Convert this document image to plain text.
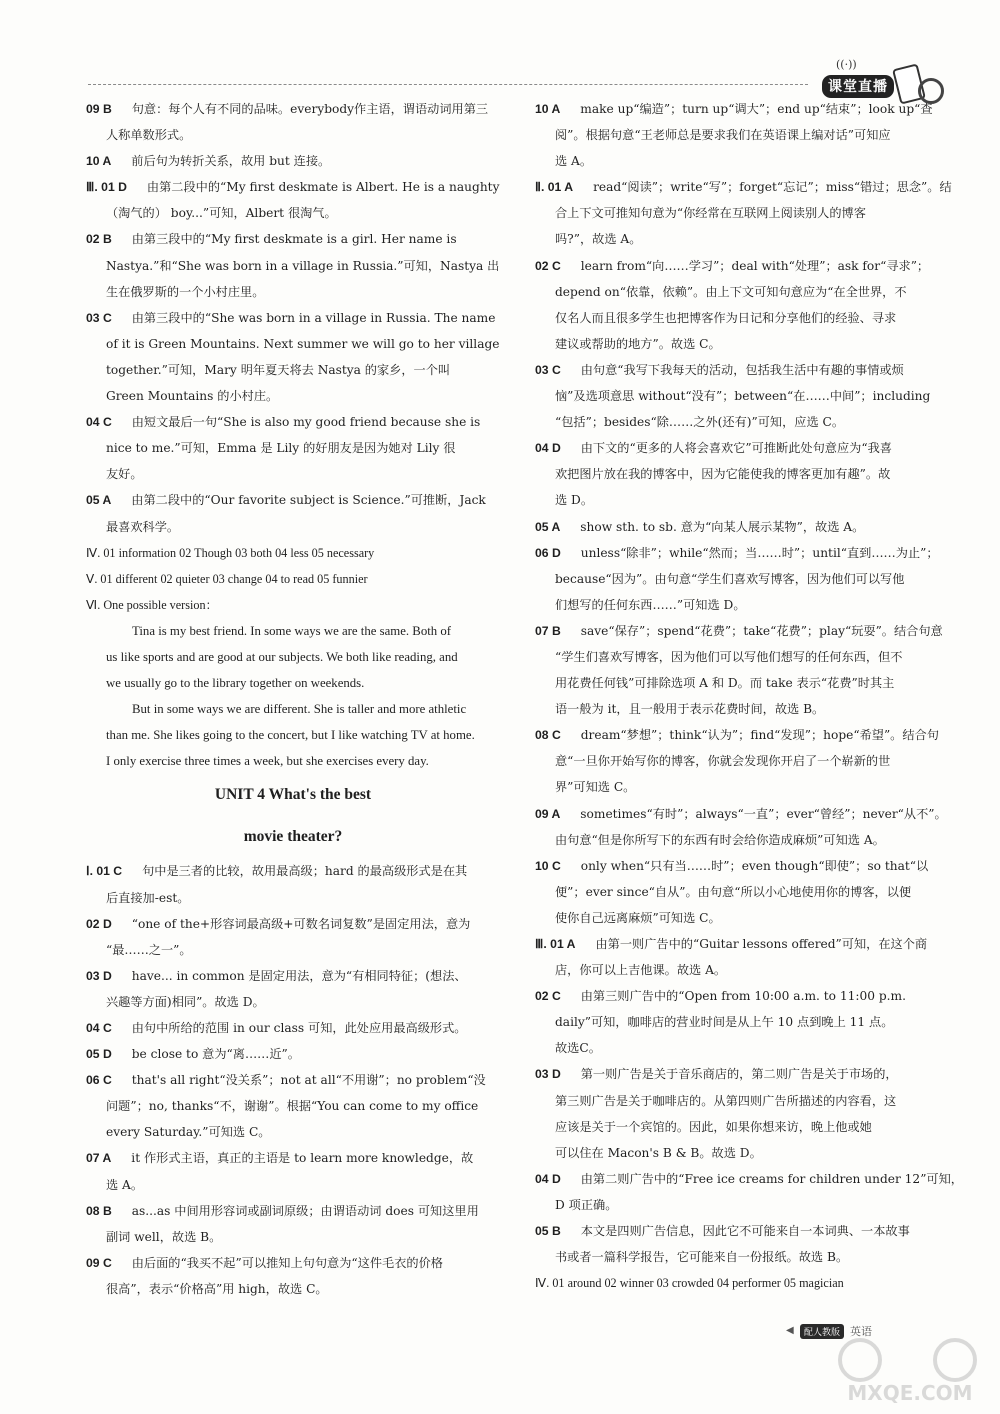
((·))
课堂直播
09 B 句意：每个人有不同的品味。everybody作主语，谓语动词用第三
人称单数形式。
10 A 前后句为转折关系，故用 but 连接。
Ⅲ. 01 D 由第二段中的“My first deskmate is Albert. He is a naughty
（淘气的） boy...”可知，Albert 很淘气。
02 B 由第三段中的“My first deskmate is a girl. Her name is
Nastya.”和“She was born in a village in Russia.”可知，Nastya 出
生在俄罗斯的一个小村庄里。
03 C 由第三段中的“She was born in a village in Russia. The name
of it is Green Mountains. Next summer we will go to her village
together.”可知，Mary 明年夏天将去 Nastya 的家乡，一个叫
Green Mountains 的小村庄。
04 C 由短文最后一句“She is also my good friend because she is
nice to me.”可知，Emma 是 Lily 的好朋友是因为她对 Lily 很
友好。
05 A 由第二段中的“Our favorite subject is Science.”可推断，Jack
最喜欢科学。
Ⅳ. 01 information 02 Though 03 both 04 less 05 necessary
Ⅴ. 01 different 02 quieter 03 change 04 to read 05 funnier
Ⅵ. One possible version：
Tina is my best friend. In some ways we are the same. Both of
us like sports and are good at our subjects. We both like reading, and
we usually go to the library together on weekends.
But in some ways we are different. She is taller and more athletic
than me. She likes going to the concert, but I like watching TV at home.
I only exercise three times a week, but she exercises every day.
UNIT 4 What's the best
movie theater?
Ⅰ. 01 C 句中是三者的比较，故用最高级；hard 的最高级形式是在其
后直接加-est。
02 D “one of the+形容词最高级+可数名词复数”是固定用法，意为
“最……之一”。
03 D have... in common 是固定用法，意为“有相同特征；(想法、
兴趣等方面)相同”。故选 D。
04 C 由句中所给的范围 in our class 可知，此处应用最高级形式。
05 D be close to 意为“离……近”。
06 C that's all right“没关系”；not at all“不用谢”；no problem“没
问题”；no, thanks“不，谢谢”。根据“You can come to my office
every Saturday.”可知选 C。
07 A it 作形式主语，真正的主语是 to learn more knowledge，故
选 A。
08 B as...as 中间用形容词或副词原级；由谓语动词 does 可知这里用
副词 well，故选 B。
09 C 由后面的“我买不起”可以推知上句句意为“这件毛衣的价格
很高”，表示“价格高”用 high，故选 C。
10 A make up“编造”；turn up“调大”；end up“结束”；look up“查
阅”。根据句意“王老师总是要求我们在英语课上编对话”可知应
选 A。
Ⅱ. 01 A read“阅读”；write“写”；forget“忘记”；miss“错过；思念”。结
合上下文可推知句意为“你经常在互联网上阅读别人的博客
吗?”，故选 A。
02 C learn from“向……学习”；deal with“处理”；ask for“寻求”；
depend on“依靠，依赖”。由上下文可知句意应为“在全世界，不
仅名人而且很多学生也把博客作为日记和分享他们的经验、寻求
建议或帮助的地方”。故选 C。
03 C 由句意“我写下我每天的活动，包括我生活中有趣的事情或烦
恼”及选项意思 without“没有”；between“在……中间”；including
“包括”；besides“除……之外(还有)”可知，应选 C。
04 D 由下文的“更多的人将会喜欢它”可推断此处句意应为“我喜
欢把图片放在我的博客中，因为它能使我的博客更加有趣”。故
选 D。
05 A show sth. to sb. 意为“向某人展示某物”，故选 A。
06 D unless“除非”；while“然而；当……时”；until“直到……为止”；
because“因为”。由句意“学生们喜欢写博客，因为他们可以写他
们想写的任何东西……”可知选 D。
07 B save“保存”；spend“花费”；take“花费”；play“玩耍”。结合句意
“学生们喜欢写博客，因为他们可以写他们想写的任何东西，但不
用花费任何钱”可排除选项 A 和 D。而 take 表示“花费”时其主
语一般为 it，且一般用于表示花费时间，故选 B。
08 C dream“梦想”；think“认为”；find“发现”；hope“希望”。结合句
意“一旦你开始写你的博客，你就会发现你开启了一个崭新的世
界”可知选 C。
09 A sometimes“有时”；always“一直”；ever“曾经”；never“从不”。
由句意“但是你所写下的东西有时会给你造成麻烦”可知选 A。
10 C only when“只有当……时”；even though“即使”；so that“以
便”；ever since“自从”。由句意“所以小心地使用你的博客，以便
使你自己远离麻烦”可知选 C。
Ⅲ. 01 A 由第一则广告中的“Guitar lessons offered”可知，在这个商
店，你可以上吉他课。故选 A。
02 C 由第三则广告中的“Open from 10:00 a.m. to 11:00 p.m.
daily”可知，咖啡店的营业时间是从上午 10 点到晚上 11 点。
故选C。
03 D 第一则广告是关于音乐商店的，第二则广告是关于市场的，
第三则广告是关于咖啡店的。从第四则广告所描述的内容看，这
应该是关于一个宾馆的。因此，如果你想来访，晚上他或她
可以住在 Macon's B & B。故选 D。
04 D 由第二则广告中的“Free ice creams for children under 12”可知，
D 项正确。
05 B 本文是四则广告信息，因此它不可能来自一本词典、一本故事
书或者一篇科学报告，它可能来自一份报纸。故选 B。
Ⅳ. 01 around 02 winner 03 crowded 04 performer 05 magician
◀	配人教版 英语
MXQE.COM
